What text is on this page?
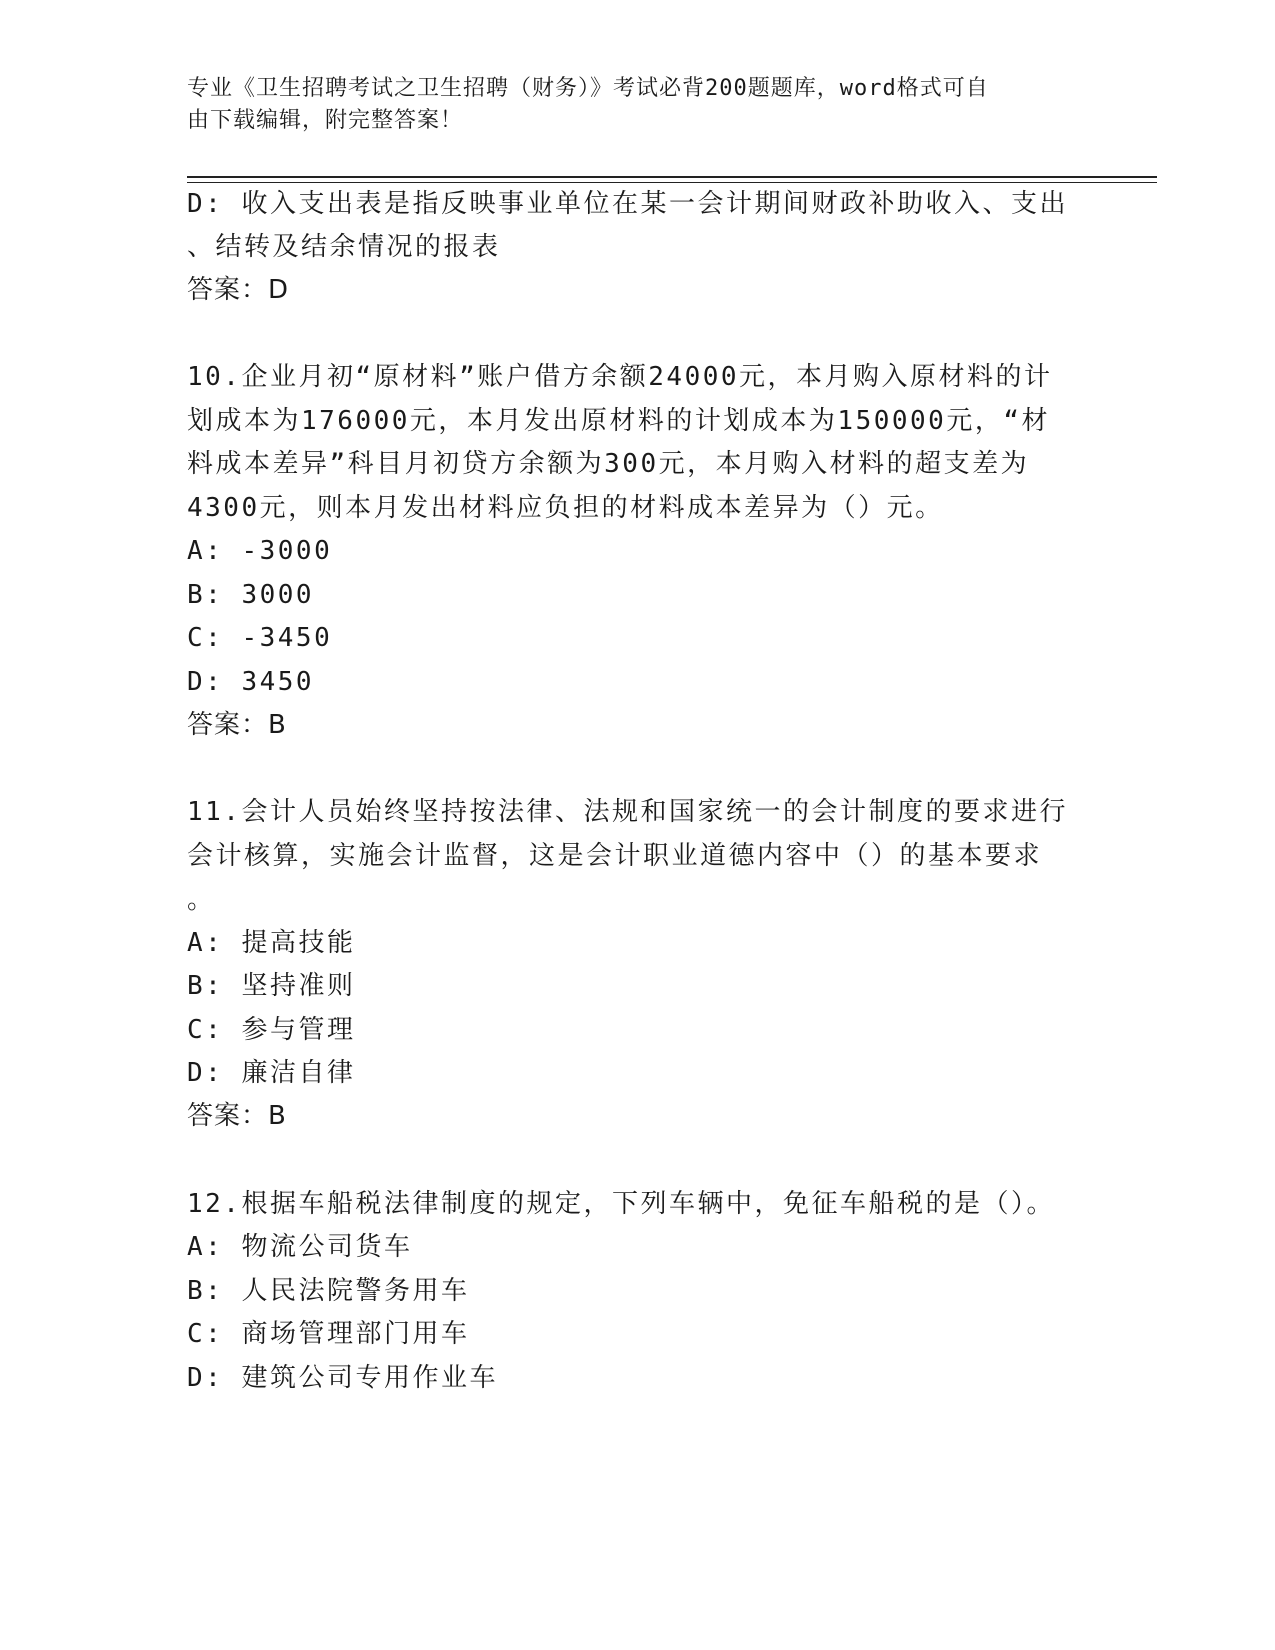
专业《卫生招聘考试之卫生招聘（财务）》考试必背200题题库，word格式可自
由下载编辑，附完整答案！
D: 收入支出表是指反映事业单位在某一会计期间财政补助收入、支出
、结转及结余情况的报表
答案：D
10.企业月初“原材料”账户借方余额24000元，本月购入原材料的计
划成本为176000元，本月发出原材料的计划成本为150000元，“材
料成本差异”科目月初贷方余额为300元，本月购入材料的超支差为
4300元，则本月发出材料应负担的材料成本差异为（）元。
A: -3000
B: 3000
C: -3450
D: 3450
答案：B
11.会计人员始终坚持按法律、法规和国家统一的会计制度的要求进行
会计核算，实施会计监督，这是会计职业道德内容中（）的基本要求
。
A: 提高技能
B: 坚持准则
C: 参与管理
D: 廉洁自律
答案：B
12.根据车船税法律制度的规定，下列车辆中，免征车船税的是（）。
A: 物流公司货车
B: 人民法院警务用车
C: 商场管理部门用车
D: 建筑公司专用作业车
